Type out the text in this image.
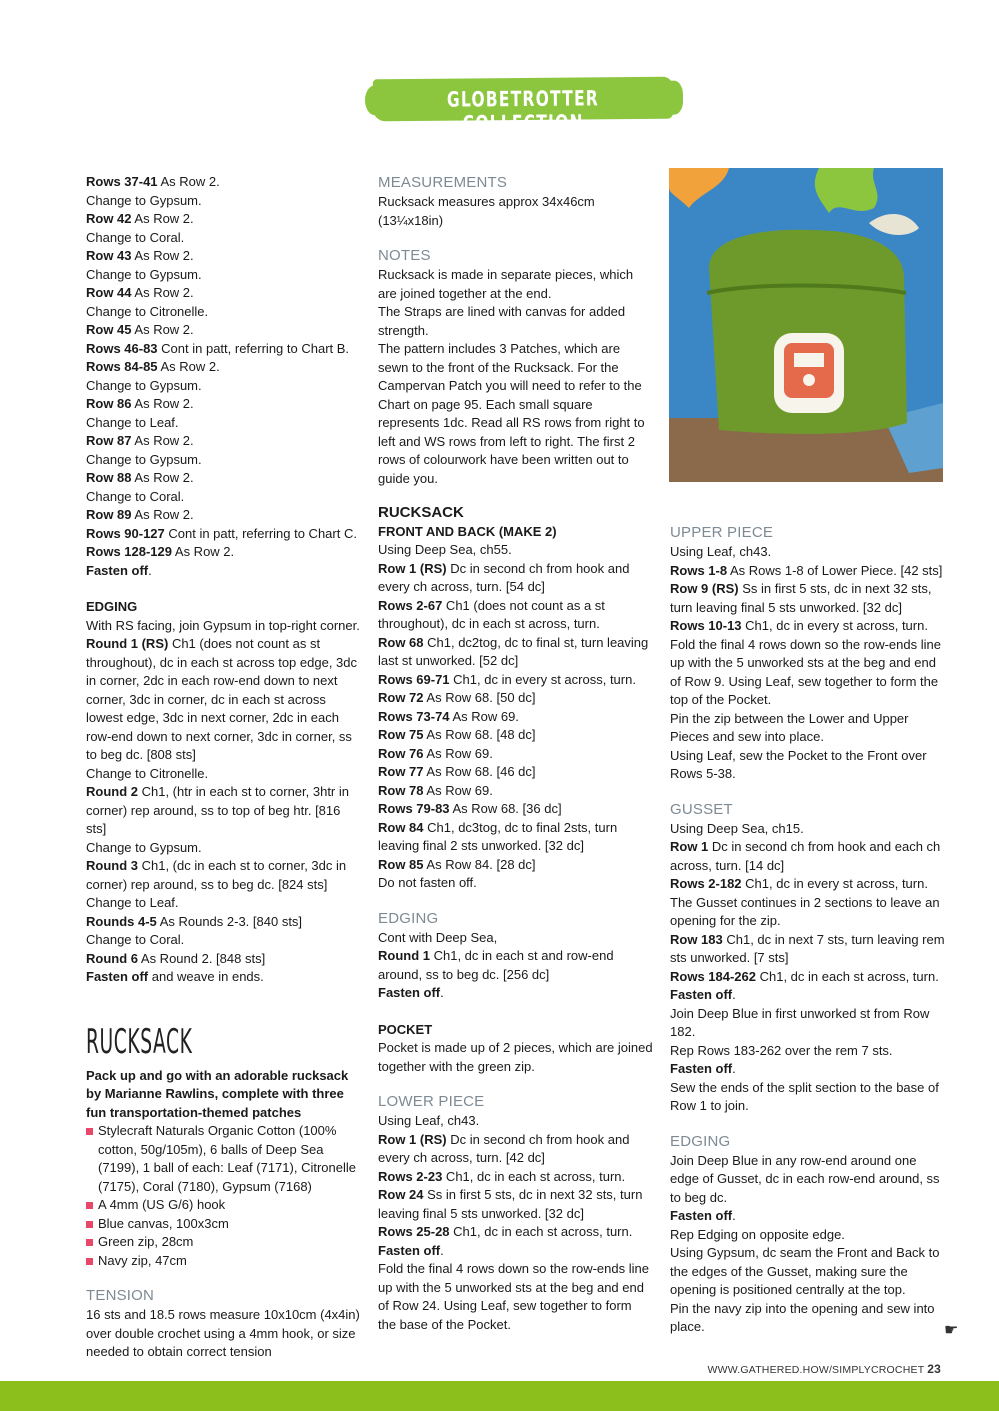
GLOBETROTTER COLLECTION

Rows 37-41 As Row 2.

Change to Gypsum.

Row 42 As Row 2.

Change to Coral.

Row 43 As Row 2.

Change to Gypsum.

Row 44 As Row 2.

Change to Citronelle.

Row 45 As Row 2.

Rows 46-83 Cont in patt, referring to Chart B.

Rows 84-85 As Row 2.

Change to Gypsum.

Row 86 As Row 2.

Change to Leaf.

Row 87 As Row 2.

Change to Gypsum.

Row 88 As Row 2.

Change to Coral.

Row 89 As Row 2.

Rows 90-127 Cont in patt, referring to Chart C.

Rows 128-129 As Row 2.

Fasten off.

EDGING

With RS facing, join Gypsum in top-right corner.

Round 1 (RS) Ch1 (does not count as st throughout), dc in each st across top edge, 3dc in corner, 2dc in each row-end down to next corner, 3dc in corner, dc in each st across lowest edge, 3dc in next corner, 2dc in each row-end down to next corner, 3dc in corner, ss to beg dc. [808 sts]

Change to Citronelle.

Round 2 Ch1, (htr in each st to corner, 3htr in corner) rep around, ss to top of beg htr. [816 sts]

Change to Gypsum.

Round 3 Ch1, (dc in each st to corner, 3dc in corner) rep around, ss to beg dc. [824 sts]

Change to Leaf.

Rounds 4-5 As Rounds 2-3. [840 sts]

Change to Coral.

Round 6 As Round 2. [848 sts]

Fasten off and weave in ends.

RUCKSACK

Pack up and go with an adorable rucksack by Marianne Rawlins, complete with three fun transportation-themed patches

Stylecraft Naturals Organic Cotton (100% cotton, 50g/105m), 6 balls of Deep Sea (7199), 1 ball of each: Leaf (7171), Citronelle (7175), Coral (7180), Gypsum (7168)
A 4mm (US G/6) hook
Blue canvas, 100x3cm
Green zip, 28cm
Navy zip, 47cm

TENSION

16 sts and 18.5 rows measure 10x10cm (4x4in) over double crochet using a 4mm hook, or size needed to obtain correct tension

MEASUREMENTS

Rucksack measures approx 34x46cm (13¼x18in)

NOTES

Rucksack is made in separate pieces, which are joined together at the end.

The Straps are lined with canvas for added strength.

The pattern includes 3 Patches, which are sewn to the front of the Rucksack. For the Campervan Patch you will need to refer to the Chart on page 95. Each small square represents 1dc. Read all RS rows from right to left and WS rows from left to right. The first 2 rows of colourwork have been written out to guide you.

RUCKSACK

FRONT AND BACK (MAKE 2)

Using Deep Sea, ch55.

Row 1 (RS) Dc in second ch from hook and every ch across, turn. [54 dc]

Rows 2-67 Ch1 (does not count as a st throughout), dc in each st across, turn.

Row 68 Ch1, dc2tog, dc to final st, turn leaving last st unworked. [52 dc]

Rows 69-71 Ch1, dc in every st across, turn.

Row 72 As Row 68. [50 dc]

Rows 73-74 As Row 69.

Row 75 As Row 68. [48 dc]

Row 76 As Row 69.

Row 77 As Row 68. [46 dc]

Row 78 As Row 69.

Rows 79-83 As Row 68. [36 dc]

Row 84 Ch1, dc3tog, dc to final 2sts, turn leaving final 2 sts unworked. [32 dc]

Row 85 As Row 84. [28 dc]

Do not fasten off.

EDGING

Cont with Deep Sea,

Round 1 Ch1, dc in each st and row-end around, ss to beg dc. [256 dc]

Fasten off.

POCKET

Pocket is made up of 2 pieces, which are joined together with the green zip.

LOWER PIECE

Using Leaf, ch43.

Row 1 (RS) Dc in second ch from hook and every ch across, turn. [42 dc]

Rows 2-23 Ch1, dc in each st across, turn.

Row 24 Ss in first 5 sts, dc in next 32 sts, turn leaving final 5 sts unworked. [32 dc]

Rows 25-28 Ch1, dc in each st across, turn.

Fasten off.

Fold the final 4 rows down so the row-ends line up with the 5 unworked sts at the beg and end of Row 24. Using Leaf, sew together to form the base of the Pocket.

UPPER PIECE

Using Leaf, ch43.

Rows 1-8 As Rows 1-8 of Lower Piece. [42 sts]

Row 9 (RS) Ss in first 5 sts, dc in next 32 sts, turn leaving final 5 sts unworked. [32 dc]

Rows 10-13 Ch1, dc in every st across, turn.

Fold the final 4 rows down so the row-ends line up with the 5 unworked sts at the beg and end of Row 9. Using Leaf, sew together to form the top of the Pocket.

Pin the zip between the Lower and Upper Pieces and sew into place.

Using Leaf, sew the Pocket to the Front over Rows 5-38.

GUSSET

Using Deep Sea, ch15.

Row 1 Dc in second ch from hook and each ch across, turn. [14 dc]

Rows 2-182 Ch1, dc in every st across, turn.

The Gusset continues in 2 sections to leave an opening for the zip.

Row 183 Ch1, dc in next 7 sts, turn leaving rem sts unworked. [7 sts]

Rows 184-262 Ch1, dc in each st across, turn.

Fasten off.

Join Deep Blue in first unworked st from Row 182.

Rep Rows 183-262 over the rem 7 sts.

Fasten off.

Sew the ends of the split section to the base of Row 1 to join.

EDGING

Join Deep Blue in any row-end around one edge of Gusset, dc in each row-end around, ss to beg dc.

Fasten off.

Rep Edging on opposite edge.

Using Gypsum, dc seam the Front and Back to the edges of the Gusset, making sure the opening is positioned centrally at the top.

Pin the navy zip into the opening and sew into place.	☛
WWW.GATHERED.HOW/SIMPLYCROCHET 23
